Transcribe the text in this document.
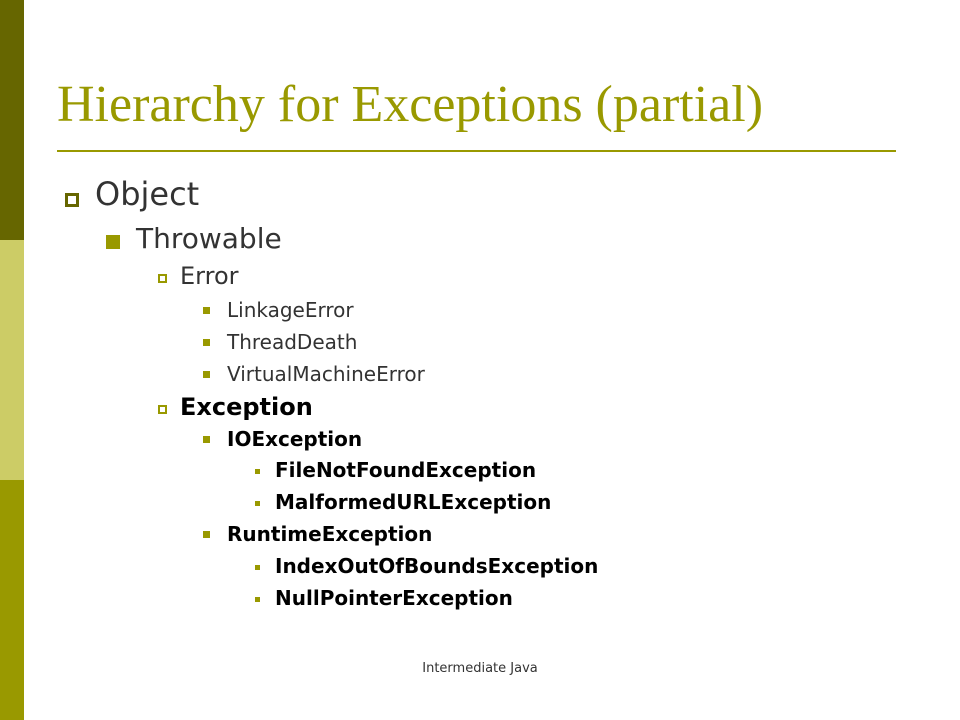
Hierarchy for Exceptions (partial)
Object
Throwable
Error
LinkageError
ThreadDeath
VirtualMachineError
Exception
IOException
FileNotFoundException
MalformedURLException
RuntimeException
IndexOutOfBoundsException
NullPointerException
Intermediate Java
